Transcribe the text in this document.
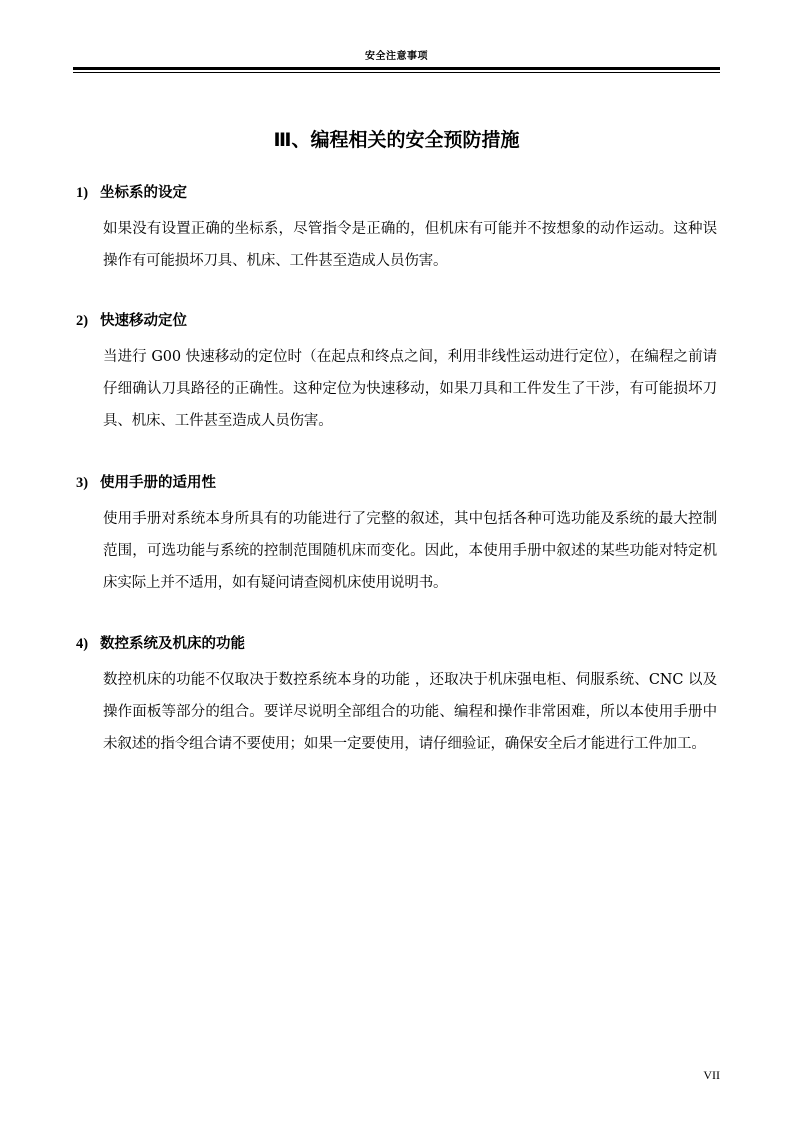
安全注意事项
Ⅲ、编程相关的安全预防措施
1) 坐标系的设定

如果没有设置正确的坐标系，尽管指令是正确的，但机床有可能并不按想象的动作运动。这种误操作有可能损坏刀具、机床、工件甚至造成人员伤害。

2) 快速移动定位

当进行 G00 快速移动的定位时（在起点和终点之间，利用非线性运动进行定位），在编程之前请仔细确认刀具路径的正确性。这种定位为快速移动，如果刀具和工件发生了干涉，有可能损坏刀具、机床、工件甚至造成人员伤害。

3) 使用手册的适用性

使用手册对系统本身所具有的功能进行了完整的叙述，其中包括各种可选功能及系统的最大控制范围，可选功能与系统的控制范围随机床而变化。因此，本使用手册中叙述的某些功能对特定机床实际上并不适用，如有疑问请查阅机床使用说明书。

4) 数控系统及机床的功能

数控机床的功能不仅取决于数控系统本身的功能 ，还取决于机床强电柜、伺服系统、CNC 以及操作面板等部分的组合。要详尽说明全部组合的功能、编程和操作非常困难，所以本使用手册中未叙述的指令组合请不要使用；如果一定要使用，请仔细验证，确保安全后才能进行工件加工。

VII
